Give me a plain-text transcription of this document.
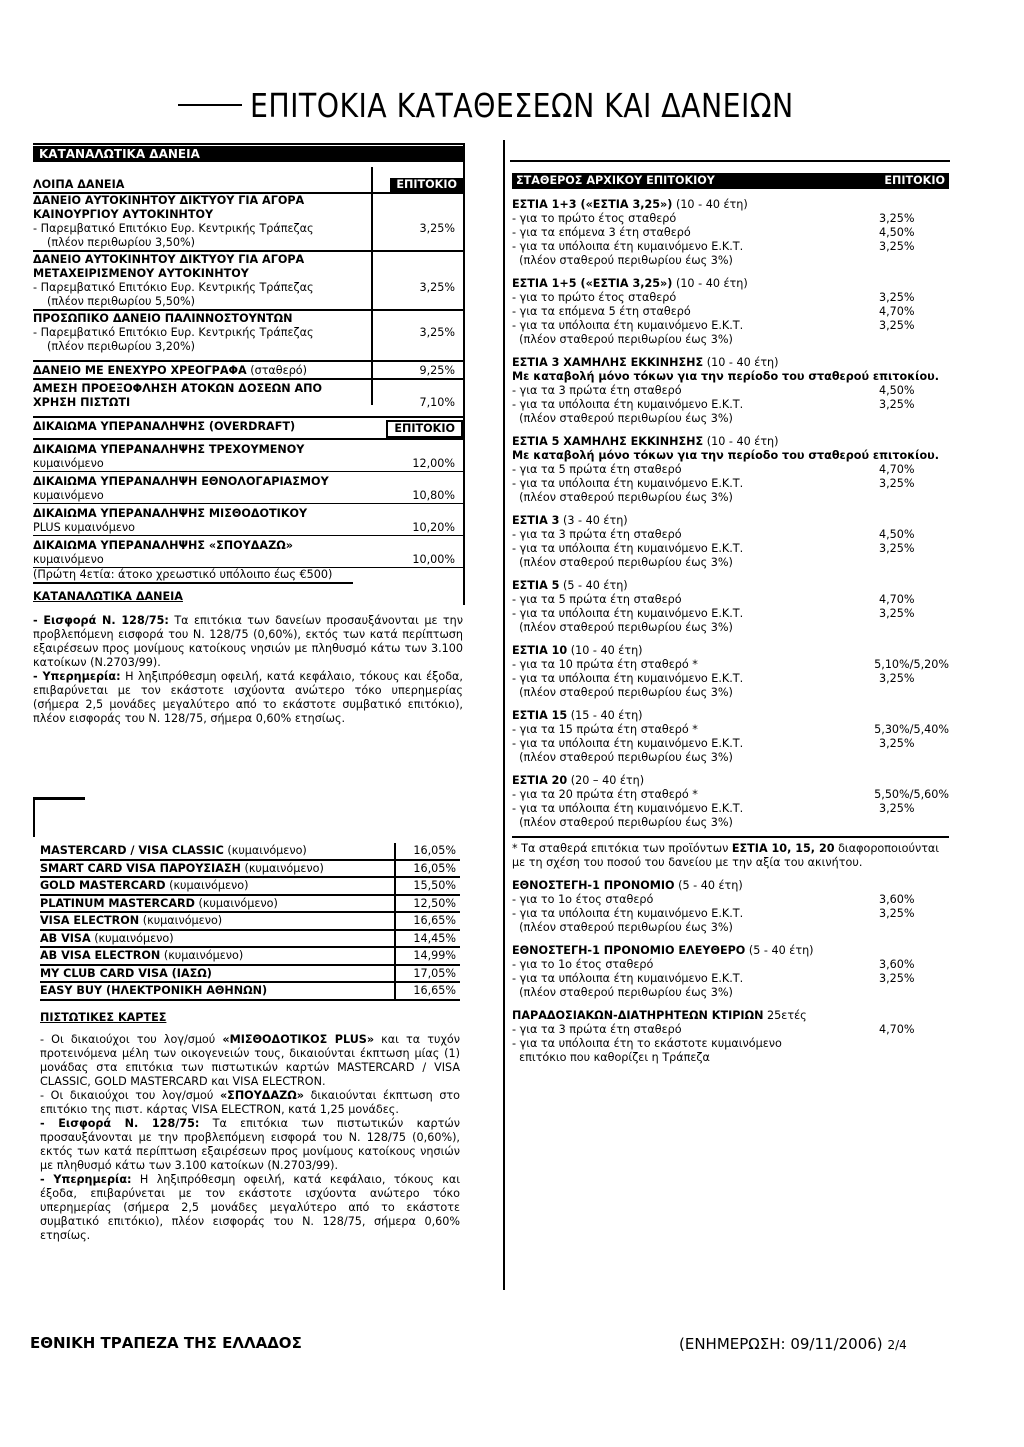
ΕΠΙΤΟΚΙΑ ΚΑΤΑΘΕΣΕΩΝ ΚΑΙ ΔΑΝΕΙΩΝ
ΚΑΤΑΝΑΛΩΤΙΚΑ ΔΑΝΕΙΑ
ΛΟΙΠΑ ΔΑΝΕΙΑ	ΕΠΙΤΟΚΙΟ
ΔΑΝΕΙΟ ΑΥΤΟΚΙΝΗΤΟΥ ΔΙΚΤΥΟΥ ΓΙΑ ΑΓΟΡΑ ΚΑΙΝΟΥΡΓΙΟΥ ΑΥΤΟΚΙΝΗΤΟΥ
- Παρεμβατικό Επιτόκιο Ευρ. Κεντρικής Τράπεζας	3,25%
(πλέον περιθωρίου 3,50%)
ΔΑΝΕΙΟ ΑΥΤΟΚΙΝΗΤΟΥ ΔΙΚΤΥΟΥ ΓΙΑ ΑΓΟΡΑ ΜΕΤΑΧΕΙΡΙΣΜΕΝΟΥ ΑΥΤΟΚΙΝΗΤΟΥ
- Παρεμβατικό Επιτόκιο Ευρ. Κεντρικής Τράπεζας	3,25%
(πλέον περιθωρίου 5,50%)
ΠΡΟΣΩΠΙΚΟ ΔΑΝΕΙΟ ΠΑΛΙΝΝΟΣΤΟΥΝΤΩΝ
- Παρεμβατικό Επιτόκιο Ευρ. Κεντρικής Τράπεζας	3,25%
(πλέον περιθωρίου 3,20%)
ΔΑΝΕΙΟ ΜΕ ΕΝΕΧΥΡΟ ΧΡΕΟΓΡΑΦΑ (σταθερό)	9,25%
ΑΜΕΣΗ ΠΡΟΕΞΟΦΛΗΣΗ ΑΤΟΚΩΝ ΔΟΣΕΩΝ ΑΠΟ ΧΡΗΣΗ ΠΙΣΤΩΤΙ	7,10%
ΔΙΚΑΙΩΜΑ ΥΠΕΡΑΝΑΛΗΨΗΣ (OVERDRAFT)	ΕΠΙΤΟΚΙΟ
ΔΙΚΑΙΩΜΑ ΥΠΕΡΑΝΑΛΗΨΗΣ ΤΡΕΧΟΥΜΕΝΟΥ
κυμαινόμενο	12,00%
ΔΙΚΑΙΩΜΑ ΥΠΕΡΑΝΑΛΗΨΗ ΕΘΝΟΛΟΓΑΡΙΑΣΜΟΥ
κυμαινόμενο	10,80%
ΔΙΚΑΙΩΜΑ ΥΠΕΡΑΝΑΛΗΨΗΣ ΜΙΣΘΟΔΟΤΙΚΟΥ
PLUS κυμαινόμενο	10,20%
ΔΙΚΑΙΩΜΑ ΥΠΕΡΑΝΑΛΗΨΗΣ «ΣΠΟΥΔΑΖΩ»
κυμαινόμενο	10,00%
(Πρώτη 4ετία: άτοκο χρεωστικό υπόλοιπο έως €500)
ΚΑΤΑΝΑΛΩΤΙΚΑ ΔΑΝΕΙΑ
- Εισφορά Ν. 128/75: Τα επιτόκια των δανείων προσαυξάνονται με την προβλεπόμενη εισφορά του Ν. 128/75 (0,60%), εκτός των κατά περίπτωση εξαιρέσεων προς μονίμους κατοίκους νησιών με πληθυσμό κάτω των 3.100 κατοίκων (Ν.2703/99).
- Υπερημερία: Η ληξιπρόθεσμη οφειλή, κατά κεφάλαιο, τόκους και έξοδα, επιβαρύνεται με τον εκάστοτε ισχύοντα ανώτερο τόκο υπερημερίας (σήμερα 2,5 μονάδες μεγαλύτερο από το εκάστοτε συμβατικό επιτόκιο), πλέον εισφοράς του Ν. 128/75, σήμερα 0,60% ετησίως.
MASTERCARD / VISA CLASSIC (κυμαινόμενο)	16,05%
SMART CARD VISA ΠΑΡΟΥΣΙΑΣΗ (κυμαινόμενο)	16,05%
GOLD MASTERCARD (κυμαινόμενο)	15,50%
PLATINUM MASTERCARD (κυμαινόμενο)	12,50%
VISA ELECTRON (κυμαινόμενο)	16,65%
AB VISA (κυμαινόμενο)	14,45%
AB VISA ELECTRON (κυμαινόμενο)	14,99%
MY CLUB CARD VISA (ΙΑΣΩ)	17,05%
EASY BUY (ΗΛΕΚΤΡΟΝΙΚΗ ΑΘΗΝΩΝ)	16,65%
ΠΙΣΤΩΤΙΚΕΣ ΚΑΡΤΕΣ
- Οι δικαιούχοι του λογ/σμού «ΜΙΣΘΟΔΟΤΙΚΟΣ PLUS» και τα τυχόν προτεινόμενα μέλη των οικογενειών τους, δικαιούνται έκπτωση μίας (1) μονάδας στα επιτόκια των πιστωτικών καρτών MASTERCARD / VISA CLASSIC, GOLD MASTERCARD και VISA ELECTRON.
- Οι δικαιούχοι του λογ/σμού «ΣΠΟΥΔΑΖΩ» δικαιούνται έκπτωση στο επιτόκιο της πιστ. κάρτας VISA ELECTRON, κατά 1,25 μονάδες.
- Εισφορά Ν. 128/75: Τα επιτόκια των πιστωτικών καρτών προσαυξάνονται με την προβλεπόμενη εισφορά του Ν. 128/75 (0,60%), εκτός των κατά περίπτωση εξαιρέσεων προς μονίμους κατοίκους νησιών με πληθυσμό κάτω των 3.100 κατοίκων (Ν.2703/99).
- Υπερημερία: Η ληξιπρόθεσμη οφειλή, κατά κεφάλαιο, τόκους και έξοδα, επιβαρύνεται με τον εκάστοτε ισχύοντα ανώτερο τόκο υπερημερίας (σήμερα 2,5 μονάδες μεγαλύτερο από το εκάστοτε συμβατικό επιτόκιο), πλέον εισφοράς του Ν. 128/75, σήμερα 0,60% ετησίως.
ΣΤΑΘΕΡΟΣ ΑΡΧΙΚΟΥ ΕΠΙΤΟΚΙΟΥ	ΕΠΙΤΟΚΙΟ
ΕΣΤΙΑ 1+3 («ΕΣΤΙΑ 3,25») (10 - 40 έτη)
- για το πρώτο έτος σταθερό	3,25%
- για τα επόμενα 3 έτη σταθερό	4,50%
- για τα υπόλοιπα έτη κυμαινόμενο Ε.Κ.Τ.	3,25%
(πλέον σταθερού περιθωρίου έως 3%)
ΕΣΤΙΑ 1+5 («ΕΣΤΙΑ 3,25») (10 - 40 έτη)
- για το πρώτο έτος σταθερό	3,25%
- για τα επόμενα 5 έτη σταθερό	4,70%
- για τα υπόλοιπα έτη κυμαινόμενο Ε.Κ.Τ.	3,25%
(πλέον σταθερού περιθωρίου έως 3%)
ΕΣΤΙΑ 3 ΧΑΜΗΛΗΣ ΕΚΚΙΝΗΣΗΣ (10 - 40 έτη)
Με καταβολή μόνο τόκων για την περίοδο του σταθερού επιτοκίου.
- για τα 3 πρώτα έτη σταθερό	4,50%
- για τα υπόλοιπα έτη κυμαινόμενο Ε.Κ.Τ.	3,25%
(πλέον σταθερού περιθωρίου έως 3%)
ΕΣΤΙΑ 5 ΧΑΜΗΛΗΣ ΕΚΚΙΝΗΣΗΣ (10 - 40 έτη)
Με καταβολή μόνο τόκων για την περίοδο του σταθερού επιτοκίου.
- για τα 5 πρώτα έτη σταθερό	4,70%
- για τα υπόλοιπα έτη κυμαινόμενο Ε.Κ.Τ.	3,25%
(πλέον σταθερού περιθωρίου έως 3%)
ΕΣΤΙΑ 3 (3 - 40 έτη)
- για τα 3 πρώτα έτη σταθερό	4,50%
- για τα υπόλοιπα έτη κυμαινόμενο Ε.Κ.Τ.	3,25%
(πλέον σταθερού περιθωρίου έως 3%)
ΕΣΤΙΑ 5 (5 - 40 έτη)
- για τα 5 πρώτα έτη σταθερό	4,70%
- για τα υπόλοιπα έτη κυμαινόμενο Ε.Κ.Τ.	3,25%
(πλέον σταθερού περιθωρίου έως 3%)
ΕΣΤΙΑ 10 (10 - 40 έτη)
- για τα 10 πρώτα έτη σταθερό *	5,10%/5,20%
- για τα υπόλοιπα έτη κυμαινόμενο Ε.Κ.Τ.	3,25%
(πλέον σταθερού περιθωρίου έως 3%)
ΕΣΤΙΑ 15 (15 - 40 έτη)
- για τα 15 πρώτα έτη σταθερό *	5,30%/5,40%
- για τα υπόλοιπα έτη κυμαινόμενο Ε.Κ.Τ.	3,25%
(πλέον σταθερού περιθωρίου έως 3%)
ΕΣΤΙΑ 20 (20 – 40 έτη)
- για τα 20 πρώτα έτη σταθερό *	5,50%/5,60%
- για τα υπόλοιπα έτη κυμαινόμενο Ε.Κ.Τ.	3,25%
(πλέον σταθερού περιθωρίου έως 3%)
* Τα σταθερά επιτόκια των προϊόντων ΕΣΤΙΑ 10, 15, 20 διαφοροποιούνται με τη σχέση του ποσού του δανείου με την αξία του ακινήτου.
ΕΘΝΟΣΤΕΓΗ-1 ΠΡΟΝΟΜΙΟ (5 - 40 έτη)
- για το 1ο έτος σταθερό	3,60%
- για τα υπόλοιπα έτη κυμαινόμενο Ε.Κ.Τ.	3,25%
(πλέον σταθερού περιθωρίου έως 3%)
ΕΘΝΟΣΤΕΓΗ-1 ΠΡΟΝΟΜΙΟ ΕΛΕΥΘΕΡΟ (5 - 40 έτη)
- για το 1ο έτος σταθερό	3,60%
- για τα υπόλοιπα έτη κυμαινόμενο Ε.Κ.Τ.	3,25%
(πλέον σταθερού περιθωρίου έως 3%)
ΠΑΡΑΔΟΣΙΑΚΩΝ-ΔΙΑΤΗΡΗΤΕΩΝ ΚΤΙΡΙΩΝ 25ετές
- για τα 3 πρώτα έτη σταθερό	4,70%
- για τα υπόλοιπα έτη το εκάστοτε κυμαινόμενο
επιτόκιο που καθορίζει η Τράπεζα
ΕΘΝΙΚΗ ΤΡΑΠΕΖΑ ΤΗΣ ΕΛΛΑΔΟΣ	(ΕΝΗΜΕΡΩΣΗ: 09/11/2006) 2/4
